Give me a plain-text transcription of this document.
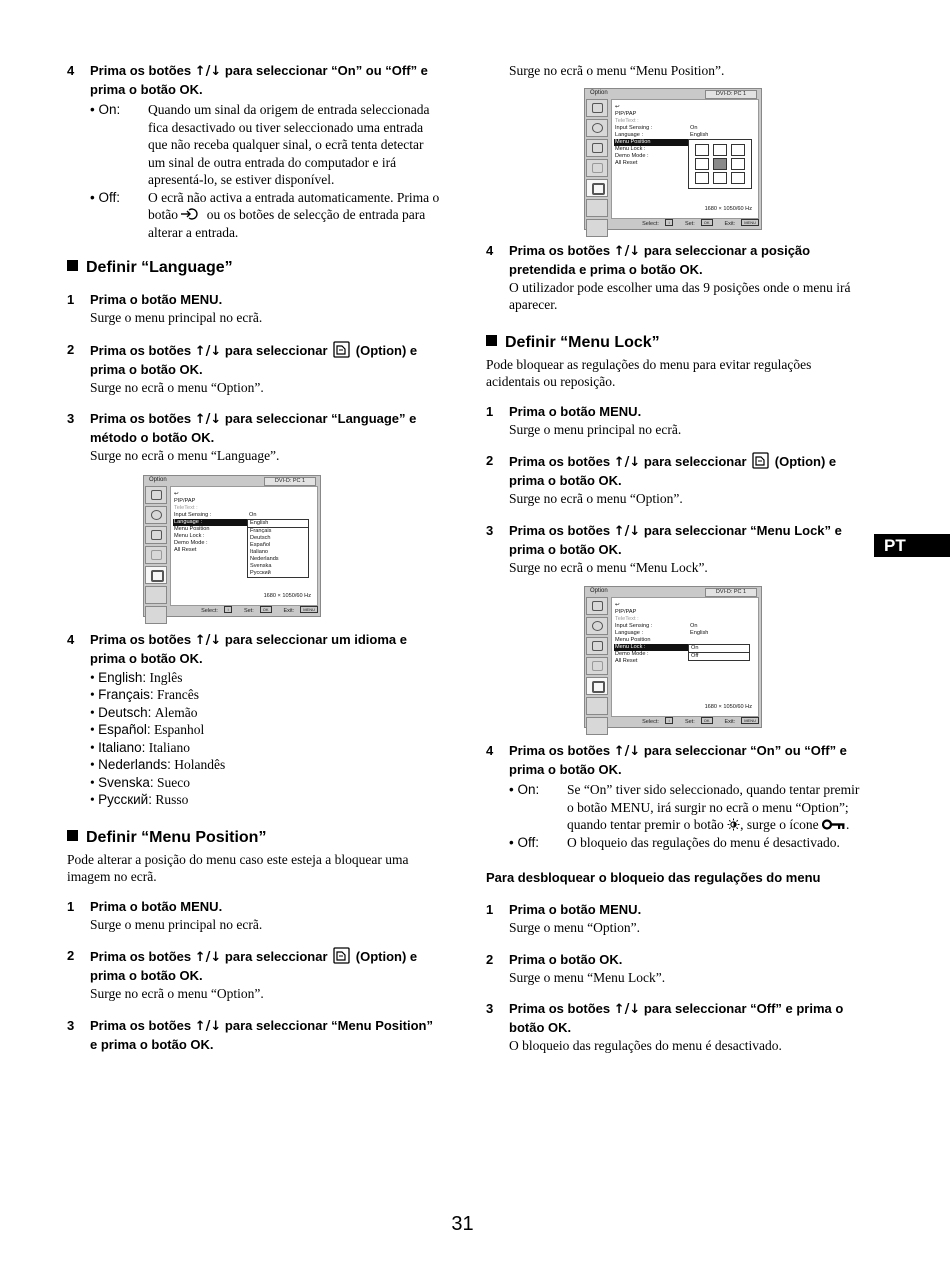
4 Prima os botões ↑/↓ para seleccionar “On” ou “Off” e prima o botão OK.
• On:	Quando um sinal da origem de entrada seleccionada fica desactivado ou tiver seleccionado uma entrada que não receba qualquer sinal, o ecrã tenta detectar um sinal de outra entrada do computador e irá apresentá-lo, se estiver disponível.
• Off:	O ecrã não activa a entrada automaticamente. Prima o botão  ou os botões de selecção de entrada para alterar a entrada.
Definir “Language”
1 Prima o botão MENU.
Surge o menu principal no ecrã.
2 Prima os botões ↑/↓ para seleccionar  (Option) e prima o botão OK.
Surge no ecrã o menu “Option”.
3 Prima os botões ↑/↓ para seleccionar “Language” e método o botão OK.
Surge no ecrã o menu “Language”.
Option	DVI-D: PC 1
↩
PIP/PAP
TeleText :
Input Sensing :	On
Language :
Menu Position
Menu Lock :
Demo Mode :
All Reset
English
Français
Deutsch
Español
Italiano
Nederlands
Svenska
Русский
1680 × 1050/60 Hz
Select: ↕	Set: OK	Exit: MENU
4 Prima os botões ↑/↓ para seleccionar um idioma e prima o botão OK.
• English: Inglês
• Français: Francês
• Deutsch: Alemão
• Español: Espanhol
• Italiano: Italiano
• Nederlands: Holandês
• Svenska: Sueco
• Русский: Russo
Definir “Menu Position”
Pode alterar a posição do menu caso este esteja a bloquear uma imagem no ecrã.
1 Prima o botão MENU.
Surge o menu principal no ecrã.
2 Prima os botões ↑/↓ para seleccionar  (Option) e prima o botão OK.
Surge no ecrã o menu “Option”.
3 Prima os botões ↑/↓ para seleccionar “Menu Position” e prima o botão OK.
Surge no ecrã o menu “Menu Position”.
Option	DVI-D: PC 1
↩
PIP/PAP
TeleText :
Input Sensing :	On
Language :	English
Menu Position
Menu Lock :
Demo Mode :
All Reset
1680 × 1050/60 Hz
Select: ↕	Set: OK	Exit: MENU
4 Prima os botões ↑/↓ para seleccionar a posição pretendida e prima o botão OK.
O utilizador pode escolher uma das 9 posições onde o menu irá aparecer.
Definir “Menu Lock”
Pode bloquear as regulações do menu para evitar regulações acidentais ou reposição.
1 Prima o botão MENU.
Surge o menu principal no ecrã.
2 Prima os botões ↑/↓ para seleccionar  (Option) e prima o botão OK.
Surge no ecrã o menu “Option”.
3 Prima os botões ↑/↓ para seleccionar “Menu Lock” e prima o botão OK.
Surge no ecrã o menu “Menu Lock”.
Option	DVI-D: PC 1
↩
PIP/PAP
TeleText :
Input Sensing :	On
Language :	English
Menu Position
Menu Lock :
Demo Mode :
All Reset
On
Off
1680 × 1050/60 Hz
Select: ↕	Set: OK	Exit: MENU
4 Prima os botões ↑/↓ para seleccionar “On” ou “Off” e prima o botão OK.
• On:	Se “On” tiver sido seleccionado, quando tentar premir o botão MENU, irá surgir no ecrã o menu “Option”; quando tentar premir o botão , surge o ícone .
• Off:	O bloqueio das regulações do menu é desactivado.
Para desbloquear o bloqueio das regulações do menu
1 Prima o botão MENU.
Surge o menu “Option”.
2 Prima o botão OK.
Surge o menu “Menu Lock”.
3 Prima os botões ↑/↓ para seleccionar “Off” e prima o botão OK.
O bloqueio das regulações do menu é desactivado.
PT
31
